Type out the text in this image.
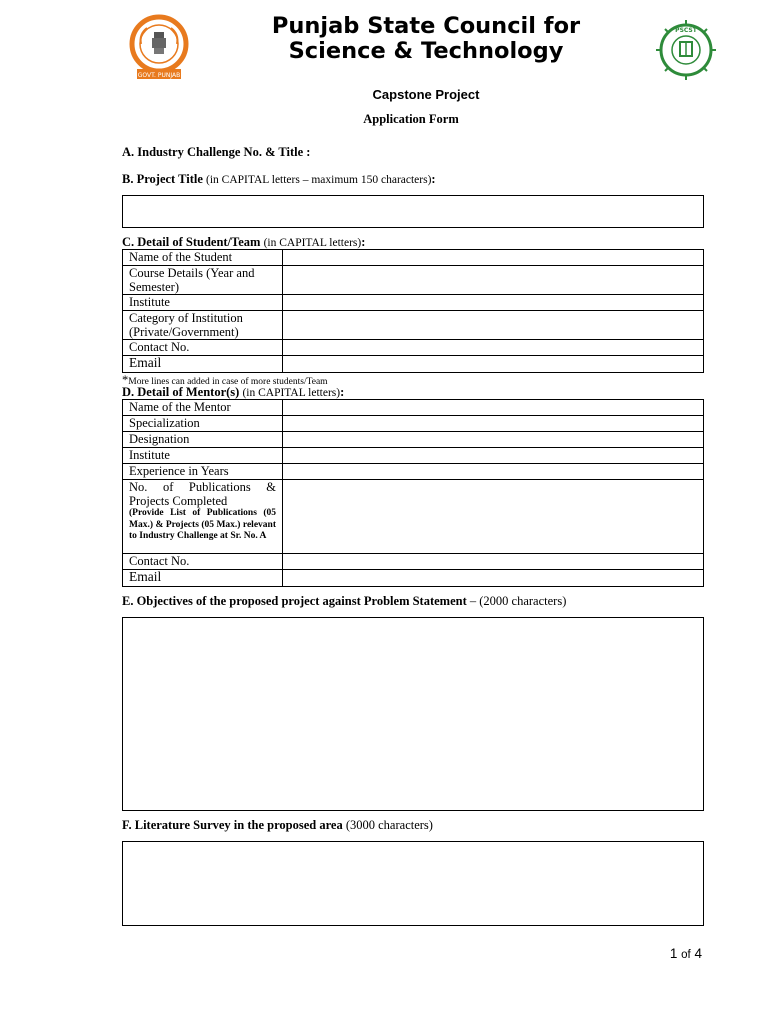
GOVT. PUNJAB
Punjab State Council for
Science & Technology
PSCST
Capstone Project
Application Form
A. Industry Challenge No. & Title :
B. Project Title (in CAPITAL letters – maximum 150 characters):
C. Detail of Student/Team (in CAPITAL letters):
Name of the Student	
Course Details (Year and Semester)	
Institute	
Category of Institution (Private/Government)	
Contact No.	
Email	
*More lines can added in case of more students/Team
D. Detail of Mentor(s) (in CAPITAL letters):
Name of the Mentor	
Specialization	
Designation	
Institute	
Experience in Years	

No. of Publications & Projects Completed
(Provide List of Publications (05 Max.) & Projects (05 Max.) relevant to Industry Challenge at Sr. No. A	

Contact No.	
Email	
E. Objectives of the proposed project against Problem Statement – (2000 characters)
F. Literature Survey in the proposed area (3000 characters)
1 of 4
